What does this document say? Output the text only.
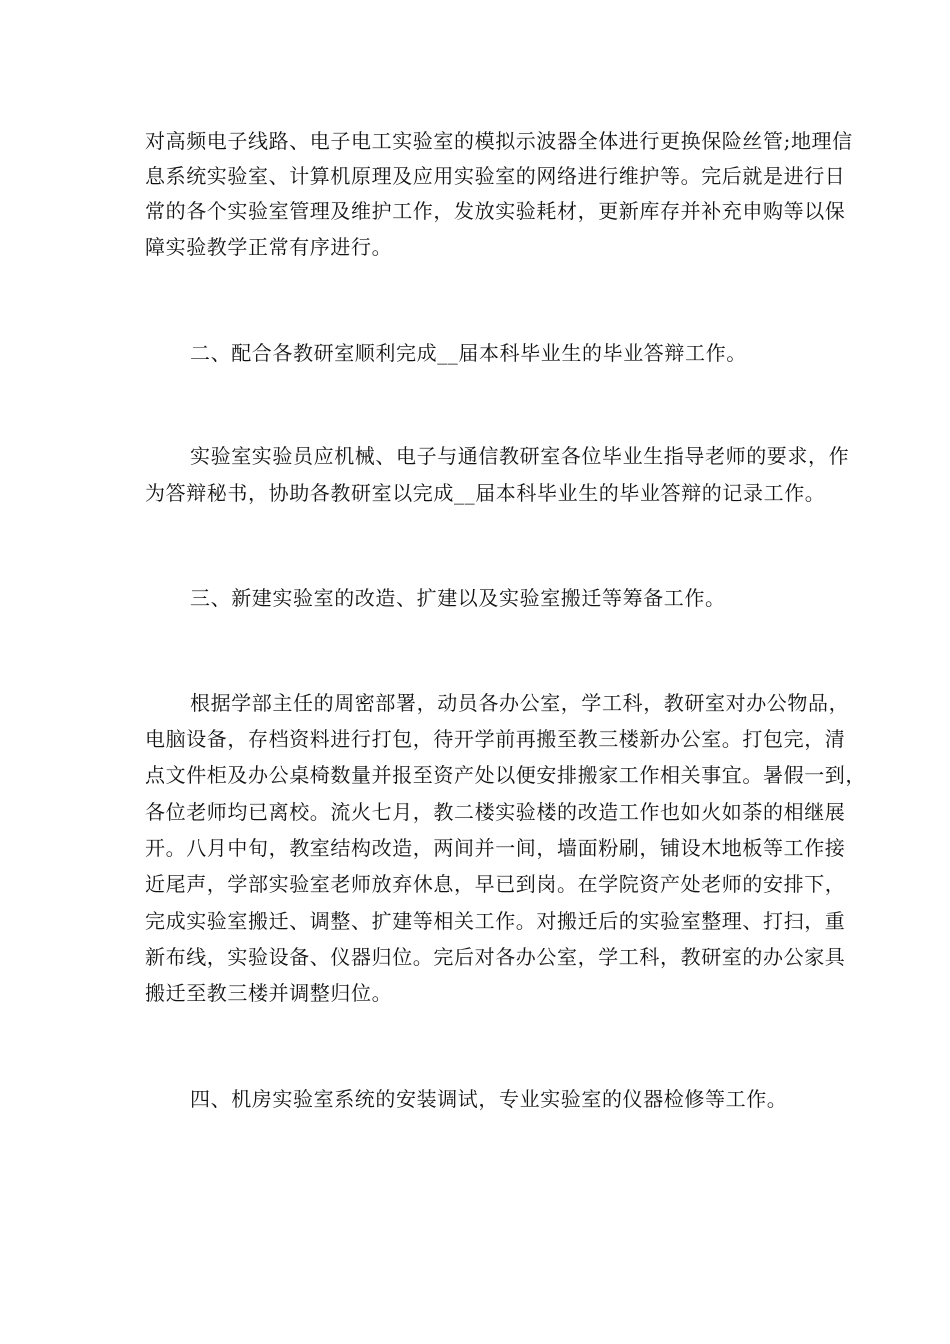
对高频电子线路、电子电工实验室的模拟示波器全体进行更换保险丝管;地理信
息系统实验室、计算机原理及应用实验室的网络进行维护等。完后就是进行日
常的各个实验室管理及维护工作，发放实验耗材，更新库存并补充申购等以保
障实验教学正常有序进行。
二、配合各教研室顺利完成__届本科毕业生的毕业答辩工作。
实验室实验员应机械、电子与通信教研室各位毕业生指导老师的要求，作
为答辩秘书，协助各教研室以完成__届本科毕业生的毕业答辩的记录工作。
三、新建实验室的改造、扩建以及实验室搬迁等筹备工作。
根据学部主任的周密部署，动员各办公室，学工科，教研室对办公物品，
电脑设备，存档资料进行打包，待开学前再搬至教三楼新办公室。打包完，清
点文件柜及办公桌椅数量并报至资产处以便安排搬家工作相关事宜。暑假一到，
各位老师均已离校。流火七月，教二楼实验楼的改造工作也如火如荼的相继展
开。八月中旬，教室结构改造，两间并一间，墙面粉刷，铺设木地板等工作接
近尾声，学部实验室老师放弃休息，早已到岗。在学院资产处老师的安排下，
完成实验室搬迁、调整、扩建等相关工作。对搬迁后的实验室整理、打扫，重
新布线，实验设备、仪器归位。完后对各办公室，学工科，教研室的办公家具
搬迁至教三楼并调整归位。
四、机房实验室系统的安装调试，专业实验室的仪器检修等工作。
